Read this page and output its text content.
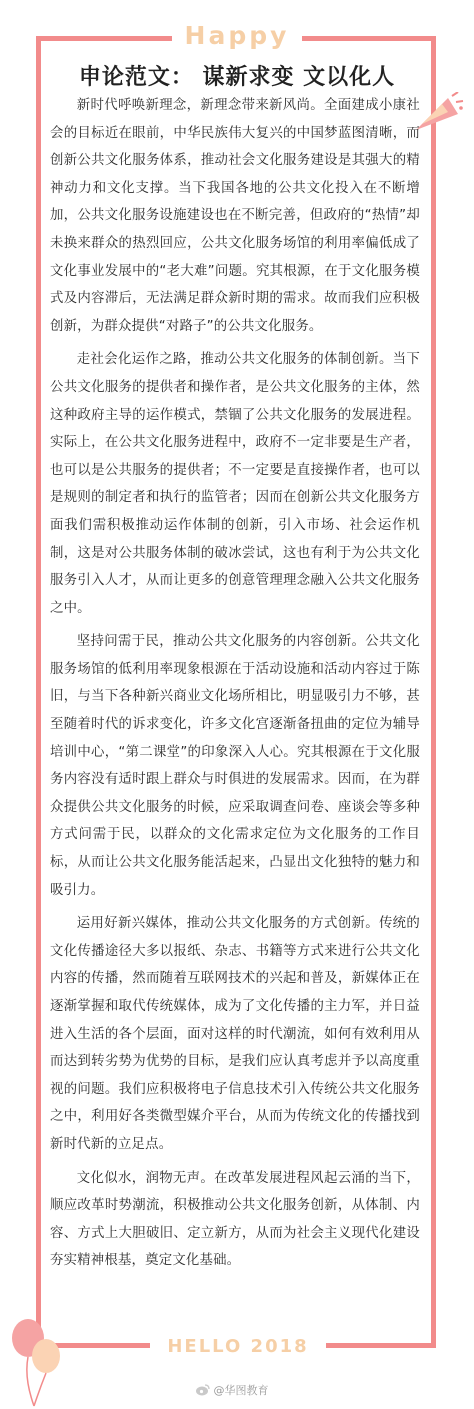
Happy
申论范文： 谋新求变 文以化人

新时代呼唤新理念，新理念带来新风尚。全面建成小康社会的目标近在眼前，中华民族伟大复兴的中国梦蓝图清晰，而创新公共文化服务体系，推动社会文化服务建设是其强大的精神动力和文化支撑。当下我国各地的公共文化投入在不断增加，公共文化服务设施建设也在不断完善，但政府的“热情”却未换来群众的热烈回应，公共文化服务场馆的利用率偏低成了文化事业发展中的“老大难”问题。究其根源，在于文化服务模式及内容滞后，无法满足群众新时期的需求。故而我们应积极创新，为群众提供“对路子”的公共文化服务。

走社会化运作之路，推动公共文化服务的体制创新。当下公共文化服务的提供者和操作者，是公共文化服务的主体，然这种政府主导的运作模式，禁锢了公共文化服务的发展进程。实际上，在公共文化服务进程中，政府不一定非要是生产者，也可以是公共服务的提供者；不一定要是直接操作者，也可以是规则的制定者和执行的监管者；因而在创新公共文化服务方面我们需积极推动运作体制的创新，引入市场、社会运作机制，这是对公共服务体制的破冰尝试，这也有利于为公共文化服务引入人才，从而让更多的创意管理理念融入公共文化服务之中。

坚持问需于民，推动公共文化服务的内容创新。公共文化服务场馆的低利用率现象根源在于活动设施和活动内容过于陈旧，与当下各种新兴商业文化场所相比，明显吸引力不够，甚至随着时代的诉求变化，许多文化宫逐渐备扭曲的定位为辅导培训中心，“第二课堂”的印象深入人心。究其根源在于文化服务内容没有适时跟上群众与时俱进的发展需求。因而，在为群众提供公共文化服务的时候，应采取调查问卷、座谈会等多种方式问需于民，以群众的文化需求定位为文化服务的工作目标，从而让公共文化服务能活起来，凸显出文化独特的魅力和吸引力。

运用好新兴媒体，推动公共文化服务的方式创新。传统的文化传播途径大多以报纸、杂志、书籍等方式来进行公共文化内容的传播，然而随着互联网技术的兴起和普及，新媒体正在逐渐掌握和取代传统媒体，成为了文化传播的主力军，并日益进入生活的各个层面，面对这样的时代潮流，如何有效利用从而达到转劣势为优势的目标，是我们应认真考虑并予以高度重视的问题。我们应积极将电子信息技术引入传统公共文化服务之中，利用好各类微型媒介平台，从而为传统文化的传播找到新时代新的立足点。

文化似水，润物无声。在改革发展进程风起云涌的当下，顺应改革时势潮流，积极推动公共文化服务创新，从体制、内容、方式上大胆破旧、定立新方，从而为社会主义现代化建设夯实精神根基，奠定文化基础。

HELLO 2018
@华图教育
